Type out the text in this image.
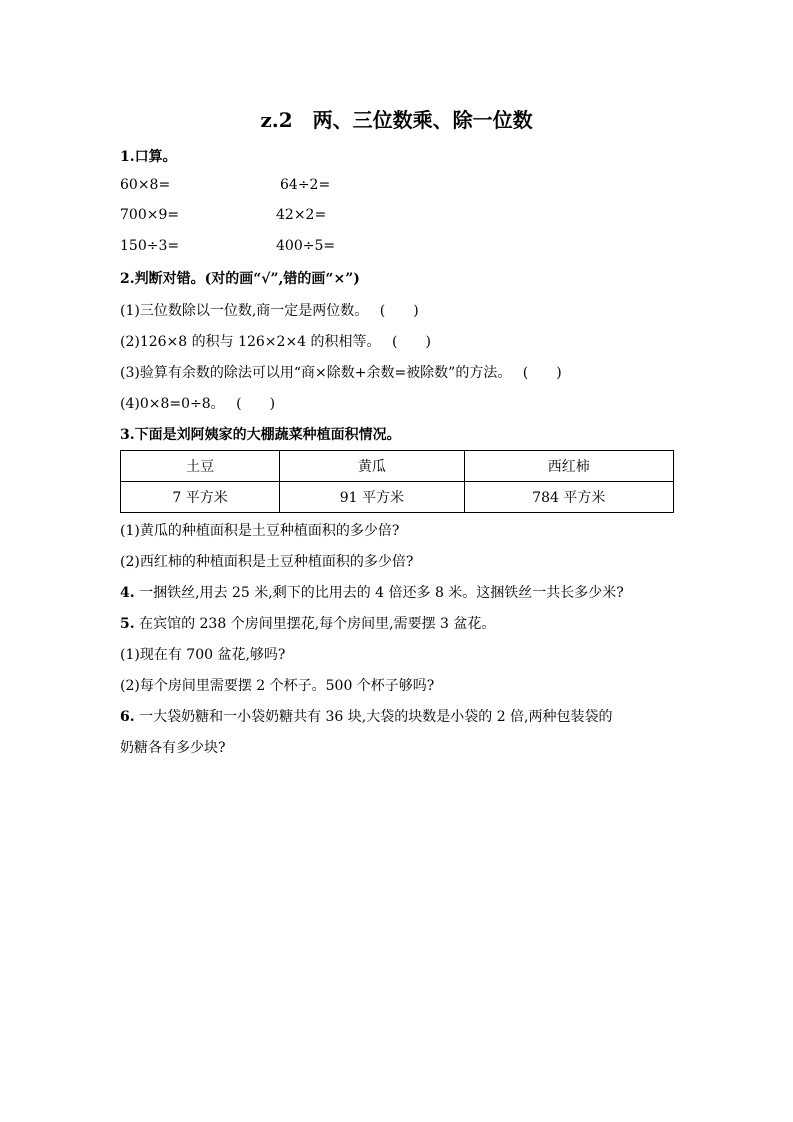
z.2　两、三位数乘、除一位数
1.口算。
60×8=	64÷2=
700×9=	42×2=
150÷3=	400÷5=
2.判断对错。(对的画“√”,错的画“×”)
(1)三位数除以一位数,商一定是两位数。　 (　　)
(2)126×8 的积与 126×2×4 的积相等。　 (　　)
(3)验算有余数的除法可以用“商×除数+余数=被除数”的方法。　 (　　)
(4)0×8=0÷8。　 (　　)
3.下面是刘阿姨家的大棚蔬菜种植面积情况。
土豆	黄瓜	西红柿
7 平方米	91 平方米	784 平方米
(1)黄瓜的种植面积是土豆种植面积的多少倍?
(2)西红柿的种植面积是土豆种植面积的多少倍?
4. 一捆铁丝,用去 25 米,剩下的比用去的 4 倍还多 8 米。这捆铁丝一共长多少米?
5. 在宾馆的 238 个房间里摆花,每个房间里,需要摆 3 盆花。
(1)现在有 700 盆花,够吗?
(2)每个房间里需要摆 2 个杯子。500 个杯子够吗?
6. 一大袋奶糖和一小袋奶糖共有 36 块,大袋的块数是小袋的 2 倍,两种包装袋的
奶糖各有多少块?
